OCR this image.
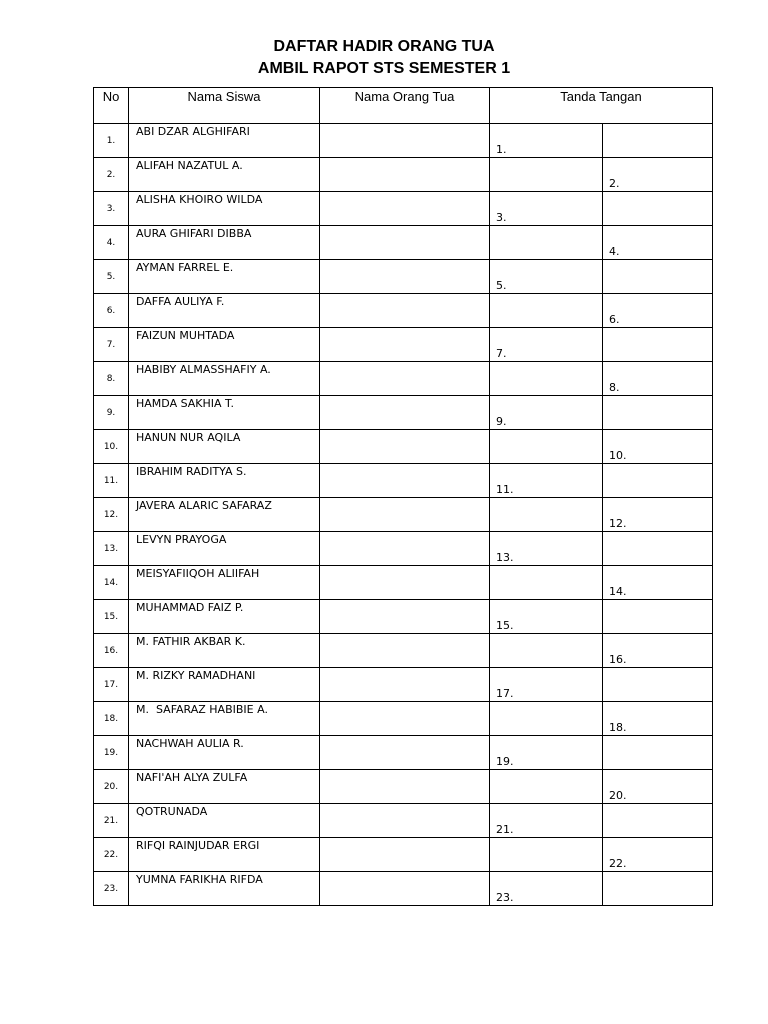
DAFTAR HADIR ORANG TUA
AMBIL RAPOT STS SEMESTER 1
No	Nama Siswa	Nama Orang Tua	Tanda Tangan	
1.	ABI DZAR ALGHIFARI		1.	
2.	ALIFAH NAZATUL A.			2.
3.	ALISHA KHOIRO WILDA		3.	
4.	AURA GHIFARI DIBBA			4.
5.	AYMAN FARREL E.		5.	
6.	DAFFA AULIYA F.			6.
7.	FAIZUN MUHTADA		7.	
8.	HABIBY ALMASSHAFIY A.			8.
9.	HAMDA SAKHIA T.		9.	
10.	HANUN NUR AQILA			10.
11.	IBRAHIM RADITYA S.		11.	
12.	JAVERA ALARIC SAFARAZ			12.
13.	LEVYN PRAYOGA		13.	
14.	MEISYAFIIQOH ALIIFAH			14.
15.	MUHAMMAD FAIZ P.		15.	
16.	M. FATHIR AKBAR K.			16.
17.	M. RIZKY RAMADHANI		17.	
18.	M.  SAFARAZ HABIBIE A.			18.
19.	NACHWAH AULIA R.		19.	
20.	NAFI'AH ALYA ZULFA			20.
21.	QOTRUNADA		21.	
22.	RIFQI RAINJUDAR ERGI			22.
23.	YUMNA FARIKHA RIFDA		23.	
